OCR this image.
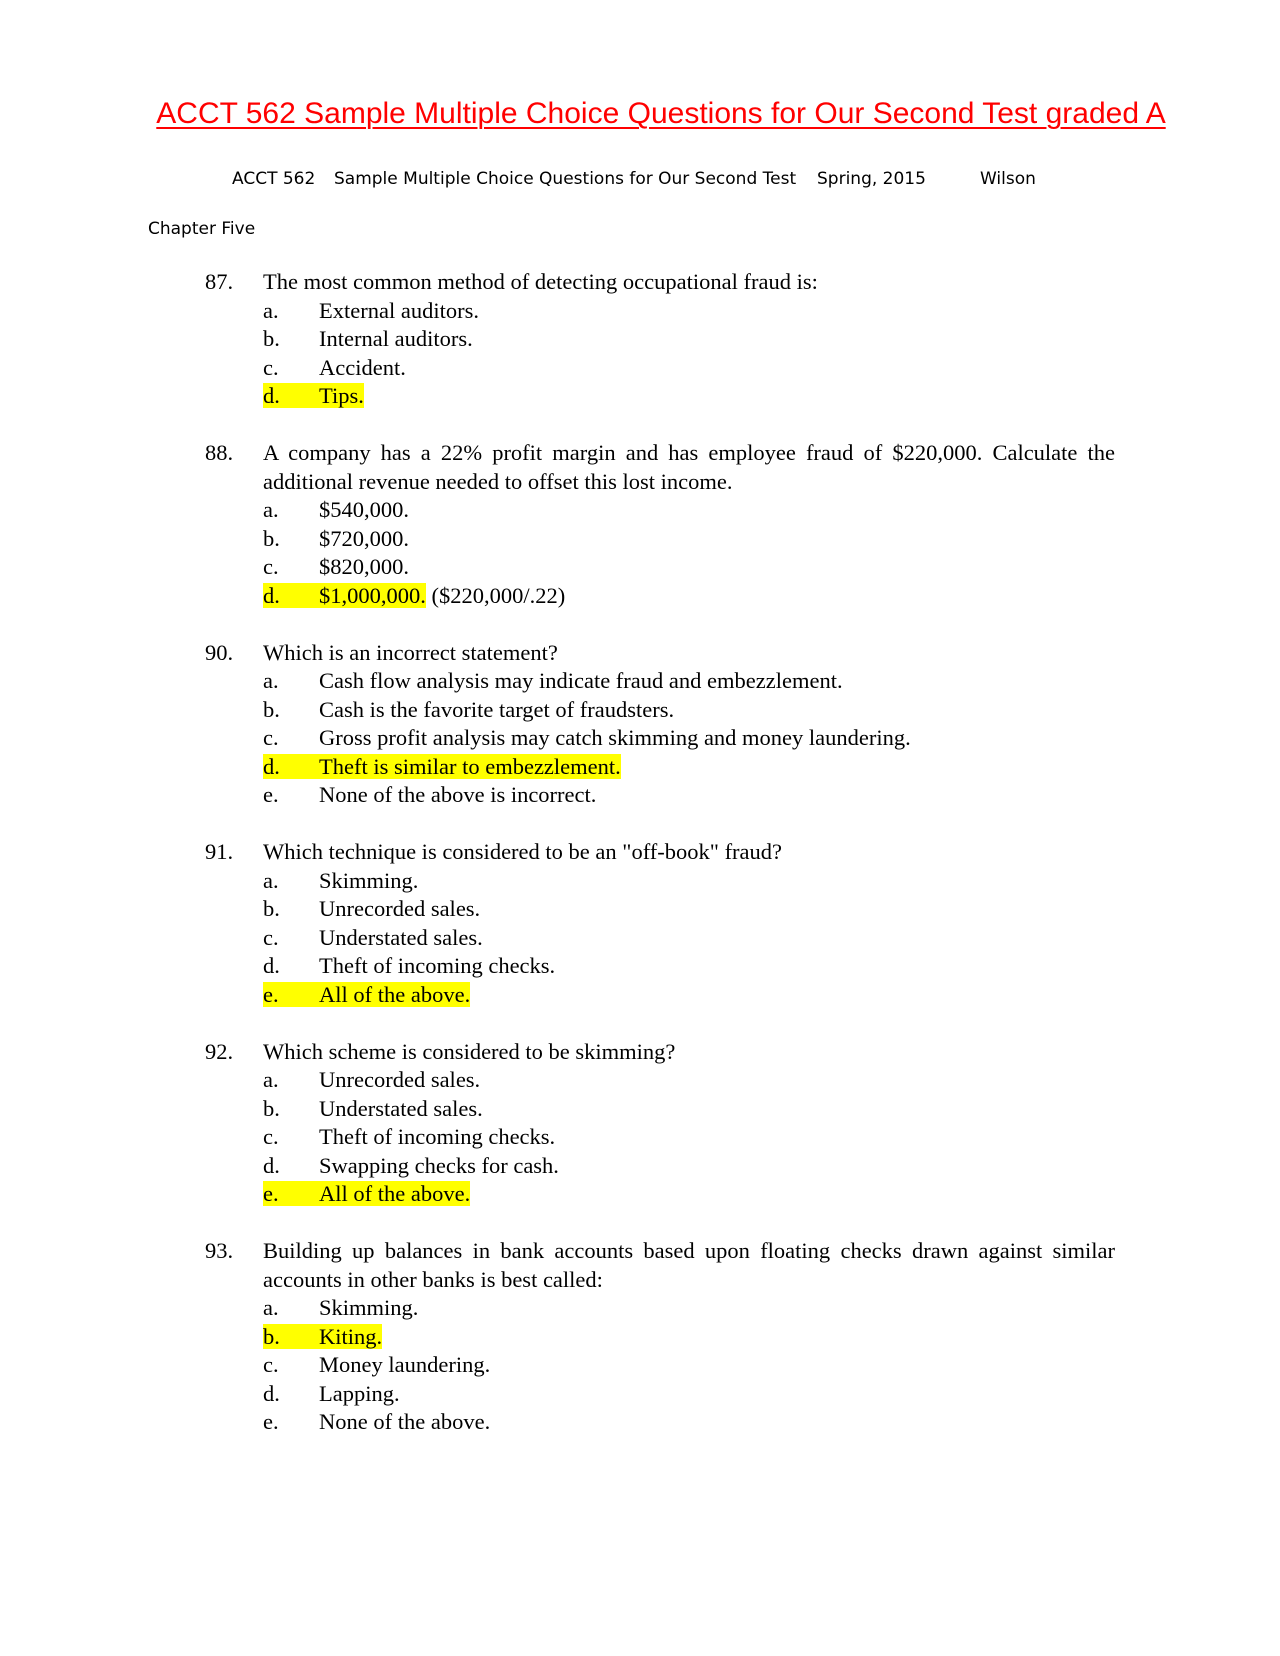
ACCT 562 Sample Multiple Choice Questions for Our Second Test graded A
ACCT 562 Sample Multiple Choice Questions for Our Second Test Spring, 2015	Wilson
Chapter Five
87.	The most common method of detecting occupational fraud is:
a. External auditors.
b. Internal auditors.
c. Accident.
d. Tips.
88.	A company has a 22% profit margin and has employee fraud of $220,000. Calculate the additional revenue needed to offset this lost income.
a. $540,000.
b. $720,000.
c. $820,000.
d. $1,000,000. ($220,000/.22)
90.	Which is an incorrect statement?
a. Cash flow analysis may indicate fraud and embezzlement.
b. Cash is the favorite target of fraudsters.
c. Gross profit analysis may catch skimming and money laundering.
d. Theft is similar to embezzlement.
e. None of the above is incorrect.
91.	Which technique is considered to be an "off-book" fraud?
a. Skimming.
b. Unrecorded sales.
c. Understated sales.
d. Theft of incoming checks.
e. All of the above.
92.	Which scheme is considered to be skimming?
a. Unrecorded sales.
b. Understated sales.
c. Theft of incoming checks.
d. Swapping checks for cash.
e. All of the above.
93.	Building up balances in bank accounts based upon floating checks drawn against similar accounts in other banks is best called:
a. Skimming.
b. Kiting.
c. Money laundering.
d. Lapping.
e. None of the above.
